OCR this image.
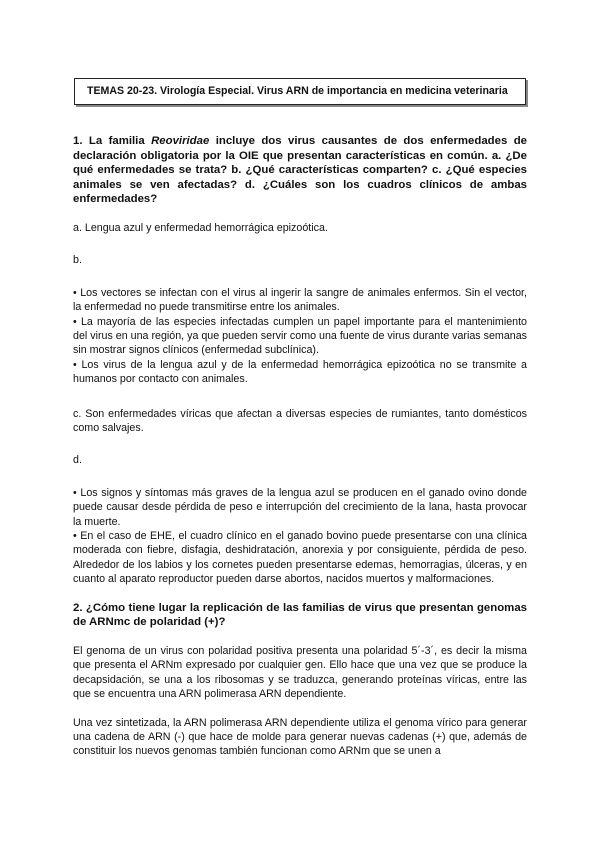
TEMAS 20-23. Virología Especial. Virus ARN de importancia en medicina veterinaria

1. La familia Reoviridae incluye dos virus causantes de dos enfermedades de declaración obligatoria por la OIE que presentan características en común. a. ¿De qué enfermedades se trata? b. ¿Qué características comparten? c. ¿Qué especies animales se ven afectadas? d. ¿Cuáles son los cuadros clínicos de ambas enfermedades?

a. Lengua azul y enfermedad hemorrágica epizoótica.

b.

• Los vectores se infectan con el virus al ingerir la sangre de animales enfermos. Sin el vector, la enfermedad no puede transmitirse entre los animales.

• La mayoría de las especies infectadas cumplen un papel importante para el mantenimiento del virus en una región, ya que pueden servir como una fuente de virus durante varias semanas sin mostrar signos clínicos (enfermedad subclínica).

• Los virus de la lengua azul y de la enfermedad hemorrágica epizoótica no se transmite a humanos por contacto con animales.

c. Son enfermedades víricas que afectan a diversas especies de rumiantes, tanto domésticos como salvajes.

d.

• Los signos y síntomas más graves de la lengua azul se producen en el ganado ovino donde puede causar desde pérdida de peso e interrupción del crecimiento de la lana, hasta provocar la muerte.

• En el caso de EHE, el cuadro clínico en el ganado bovino puede presentarse con una clínica moderada con fiebre, disfagia, deshidratación, anorexia y por consiguiente, pérdida de peso. Alrededor de los labios y los cornetes pueden presentarse edemas, hemorragias, úlceras, y en cuanto al aparato reproductor pueden darse abortos, nacidos muertos y malformaciones.

2. ¿Cómo tiene lugar la replicación de las familias de virus que presentan genomas de ARNmc de polaridad (+)?

El genoma de un virus con polaridad positiva presenta una polaridad 5´-3´, es decir la misma que presenta el ARNm expresado por cualquier gen. Ello hace que una vez que se produce la decapsidación, se una a los ribosomas y se traduzca, generando proteínas víricas, entre las que se encuentra una ARN polimerasa ARN dependiente.

Una vez sintetizada, la ARN polimerasa ARN dependiente utiliza el genoma vírico para generar una cadena de ARN (-) que hace de molde para generar nuevas cadenas (+) que, además de constituir los nuevos genomas también funcionan como ARNm que se unen a
